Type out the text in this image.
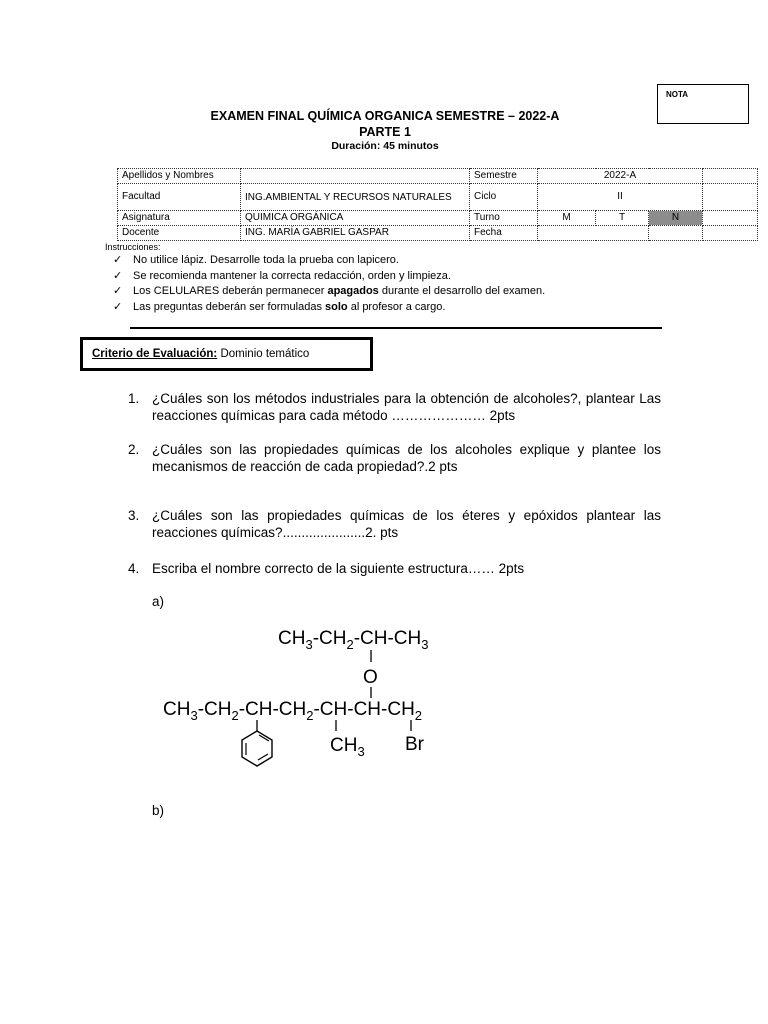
NOTA
EXAMEN FINAL QUÍMICA ORGANICA SEMESTRE – 2022-A
PARTE 1
Duración: 45 minutos
Apellidos y Nombres		Semestre	2022-A			
Facultad	ING.AMBIENTAL Y RECURSOS NATURALES	Ciclo	II			
Asignatura	QUIMICA ORGÁNICA	Turno	M	T	N	
Docente	ING. MARÍA GABRIEL GASPAR	Fecha				
Instrucciones:
✓ No utilice lápiz. Desarrolle toda la prueba con lapicero.
✓ Se recomienda mantener la correcta redacción, orden y limpieza.
✓ Los CELULARES deberán permanecer apagados durante el desarrollo del examen.
✓ Las preguntas deberán ser formuladas solo al profesor a cargo.
Criterio de Evaluación: Dominio temático
1. ¿Cuáles son los métodos industriales para la obtención de alcoholes?, plantear Las reacciones químicas para cada método ………………… 2pts
2. ¿Cuáles son las propiedades químicas de los alcoholes explique y plantee los mecanismos de reacción de cada propiedad?.2 pts
3. ¿Cuáles son las propiedades químicas de los éteres y epóxidos plantear las reacciones químicas?......................2. pts
4. Escriba el nombre correcto de la siguiente estructura…… 2pts
a)
b)
$CH_3-CH_2-CH-CH_3$
O
$CH_3-CH_2-CH-CH_2-CH-CH-CH_2$
$CH_3$ Br
